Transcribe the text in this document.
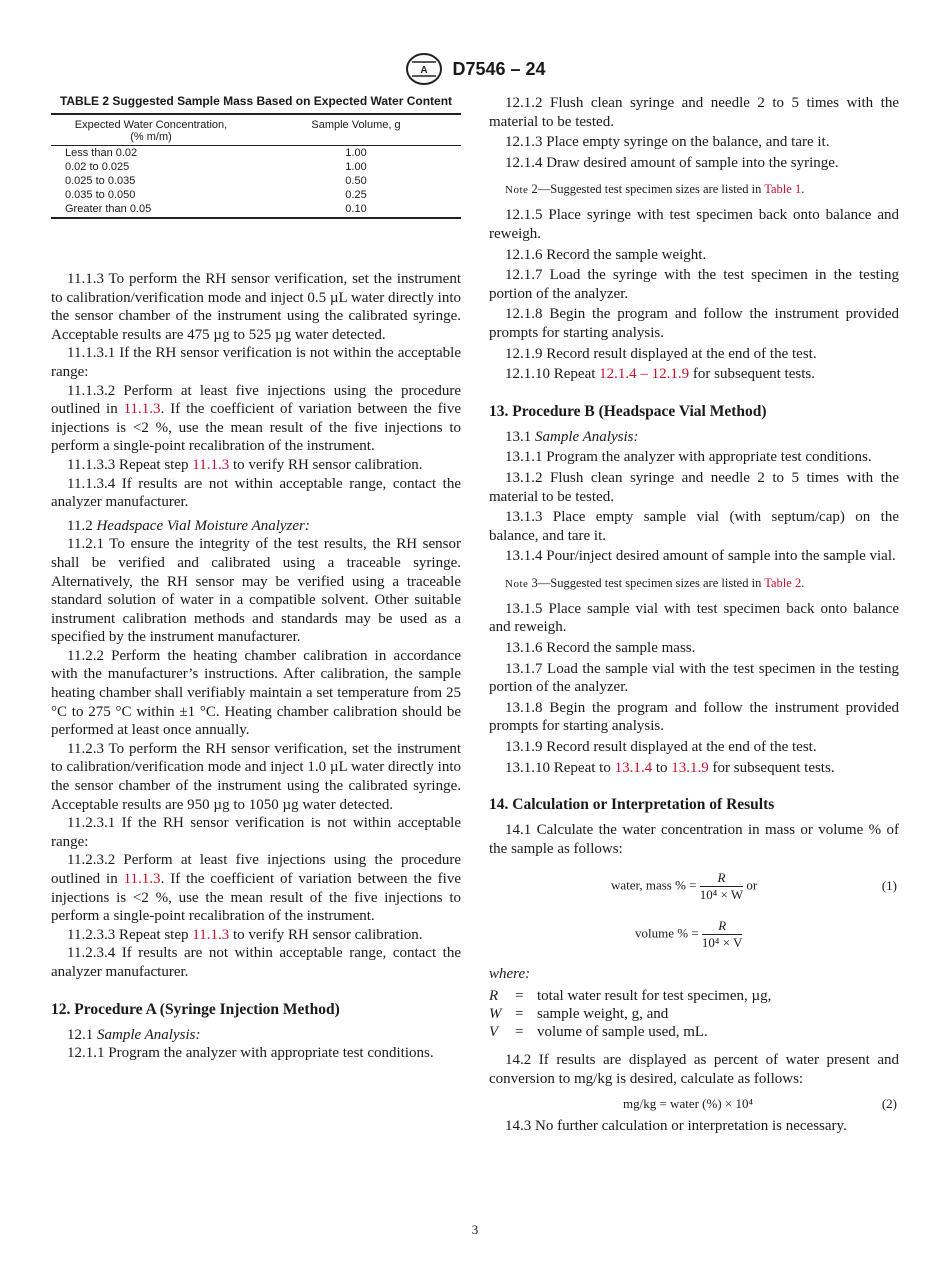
A D7546 – 24
TABLE 2 Suggested Sample Mass Based on Expected Water Content
Expected Water Concentration,
(% m/m)	Sample Volume, g
Less than 0.02	1.00
0.02 to 0.025	1.00
0.025 to 0.035	0.50
0.035 to 0.050	0.25
Greater than 0.05	0.10

11.1.3 To perform the RH sensor verification, set the instrument to calibration/verification mode and inject 0.5 µL water directly into the sensor chamber of the instrument using the calibrated syringe. Acceptable results are 475 µg to 525 µg water detected.

11.1.3.1 If the RH sensor verification is not within the acceptable range:

11.1.3.2 Perform at least five injections using the procedure outlined in 11.1.3. If the coefficient of variation between the five injections is <2 %, use the mean result of the five injections to perform a single-point recalibration of the instrument.

11.1.3.3 Repeat step 11.1.3 to verify RH sensor calibration.

11.1.3.4 If results are not within acceptable range, contact the analyzer manufacturer.

11.2 Headspace Vial Moisture Analyzer:

11.2.1 To ensure the integrity of the test results, the RH sensor shall be verified and calibrated using a traceable syringe. Alternatively, the RH sensor may be verified using a traceable standard solution of water in a compatible solvent. Other suitable instrument calibration methods and standards may be used as a specified by the instrument manufacturer.

11.2.2 Perform the heating chamber calibration in accordance with the manufacturer’s instructions. After calibration, the sample heating chamber shall verifiably maintain a set temperature from 25 °C to 275 °C within ±1 °C. Heating chamber calibration should be performed at least once annually.

11.2.3 To perform the RH sensor verification, set the instrument to calibration/verification mode and inject 1.0 µL water directly into the sensor chamber of the instrument using the calibrated syringe. Acceptable results are 950 µg to 1050 µg water detected.

11.2.3.1 If the RH sensor verification is not within acceptable range:

11.2.3.2 Perform at least five injections using the procedure outlined in 11.1.3. If the coefficient of variation between the five injections is <2 %, use the mean result of the five injections to perform a single-point recalibration of the instrument.

11.2.3.3 Repeat step 11.1.3 to verify RH sensor calibration.

11.2.3.4 If results are not within acceptable range, contact the analyzer manufacturer.

12. Procedure A (Syringe Injection Method)

12.1 Sample Analysis:

12.1.1 Program the analyzer with appropriate test conditions.

12.1.2 Flush clean syringe and needle 2 to 5 times with the material to be tested.

12.1.3 Place empty syringe on the balance, and tare it.

12.1.4 Draw desired amount of sample into the syringe.

Note 2—Suggested test specimen sizes are listed in Table 1.

12.1.5 Place syringe with test specimen back onto balance and reweigh.

12.1.6 Record the sample weight.

12.1.7 Load the syringe with the test specimen in the testing portion of the analyzer.

12.1.8 Begin the program and follow the instrument provided prompts for starting analysis.

12.1.9 Record result displayed at the end of the test.

12.1.10 Repeat 12.1.4 – 12.1.9 for subsequent tests.

13. Procedure B (Headspace Vial Method)

13.1 Sample Analysis:

13.1.1 Program the analyzer with appropriate test conditions.

13.1.2 Flush clean syringe and needle 2 to 5 times with the material to be tested.

13.1.3 Place empty sample vial (with septum/cap) on the balance, and tare it.

13.1.4 Pour/inject desired amount of sample into the sample vial.

Note 3—Suggested test specimen sizes are listed in Table 2.

13.1.5 Place sample vial with test specimen back onto balance and reweigh.

13.1.6 Record the sample mass.

13.1.7 Load the sample vial with the test specimen in the testing portion of the analyzer.

13.1.8 Begin the program and follow the instrument provided prompts for starting analysis.

13.1.9 Record result displayed at the end of the test.

13.1.10 Repeat to 13.1.4 to 13.1.9 for subsequent tests.

14. Calculation or Interpretation of Results

14.1 Calculate the water concentration in mass or volume % of the sample as follows:

water, mass % = $\frac{R}{\text{10⁴ × W}}$ or	(1)
volume % = $\frac{R}{\text{10⁴ × V}}$
where:
R	= total water result for test specimen, µg,
W = sample weight, g, and
V	= volume of sample used, mL.

14.2 If results are displayed as percent of water present and conversion to mg/kg is desired, calculate as follows:

mg/kg = water (%) × 10⁴	(2)

14.3 No further calculation or interpretation is necessary.

3
